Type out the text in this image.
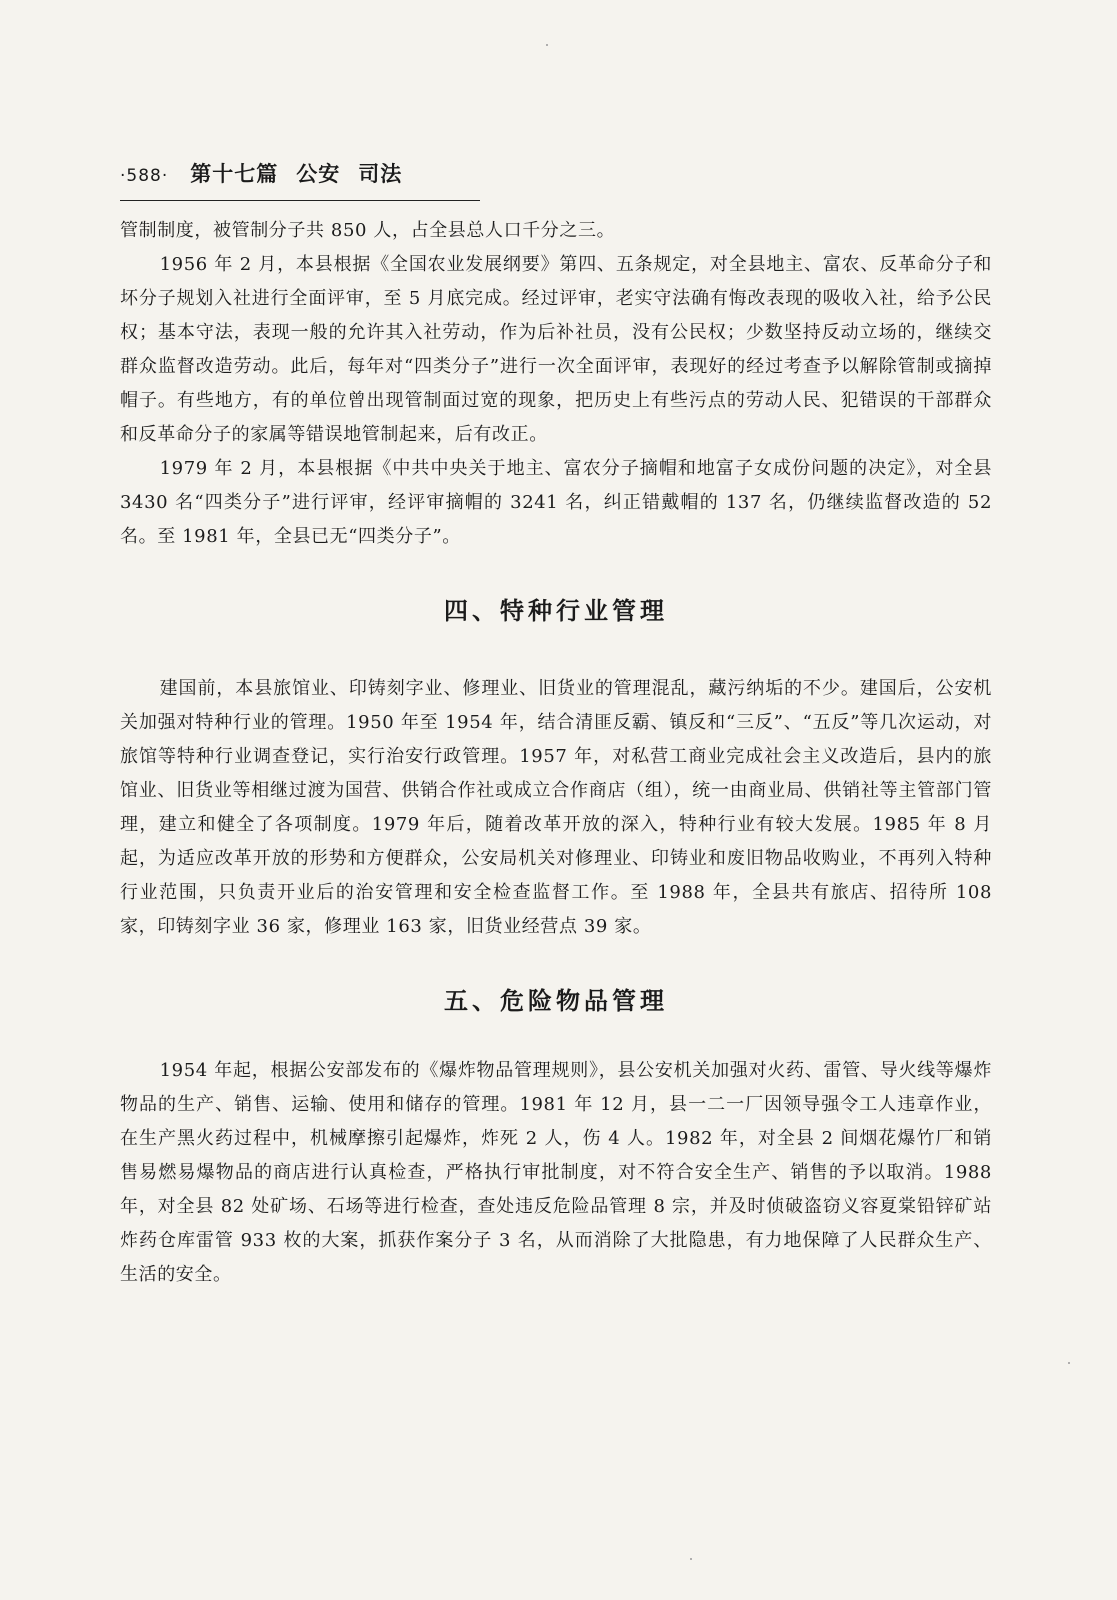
·588· 第十七篇 公安 司法

管制制度，被管制分子共 850 人，占全县总人口千分之三。

1956 年 2 月，本县根据《全国农业发展纲要》第四、五条规定，对全县地主、富农、反革命分子和坏分子规划入社进行全面评审，至 5 月底完成。经过评审，老实守法确有悔改表现的吸收入社，给予公民权；基本守法，表现一般的允许其入社劳动，作为后补社员，没有公民权；少数坚持反动立场的，继续交群众监督改造劳动。此后，每年对“四类分子”进行一次全面评审，表现好的经过考查予以解除管制或摘掉帽子。有些地方，有的单位曾出现管制面过宽的现象，把历史上有些污点的劳动人民、犯错误的干部群众和反革命分子的家属等错误地管制起来，后有改正。

1979 年 2 月，本县根据《中共中央关于地主、富农分子摘帽和地富子女成份问题的决定》，对全县 3430 名“四类分子”进行评审，经评审摘帽的 3241 名，纠正错戴帽的 137 名，仍继续监督改造的 52 名。至 1981 年，全县已无“四类分子”。

四、特种行业管理

建国前，本县旅馆业、印铸刻字业、修理业、旧货业的管理混乱，藏污纳垢的不少。建国后，公安机关加强对特种行业的管理。1950 年至 1954 年，结合清匪反霸、镇反和“三反”、“五反”等几次运动，对旅馆等特种行业调查登记，实行治安行政管理。1957 年，对私营工商业完成社会主义改造后，县内的旅馆业、旧货业等相继过渡为国营、供销合作社或成立合作商店（组），统一由商业局、供销社等主管部门管理，建立和健全了各项制度。1979 年后，随着改革开放的深入，特种行业有较大发展。1985 年 8 月起，为适应改革开放的形势和方便群众，公安局机关对修理业、印铸业和废旧物品收购业，不再列入特种行业范围，只负责开业后的治安管理和安全检查监督工作。至 1988 年，全县共有旅店、招待所 108 家，印铸刻字业 36 家，修理业 163 家，旧货业经营点 39 家。

五、危险物品管理

1954 年起，根据公安部发布的《爆炸物品管理规则》，县公安机关加强对火药、雷管、导火线等爆炸物品的生产、销售、运输、使用和储存的管理。1981 年 12 月，县一二一厂因领导强令工人违章作业，在生产黑火药过程中，机械摩擦引起爆炸，炸死 2 人，伤 4 人。1982 年，对全县 2 间烟花爆竹厂和销售易燃易爆物品的商店进行认真检查，严格执行审批制度，对不符合安全生产、销售的予以取消。1988 年，对全县 82 处矿场、石场等进行检查，查处违反危险品管理 8 宗，并及时侦破盗窃义容夏棠铅锌矿站炸药仓库雷管 933 枚的大案，抓获作案分子 3 名，从而消除了大批隐患，有力地保障了人民群众生产、生活的安全。
